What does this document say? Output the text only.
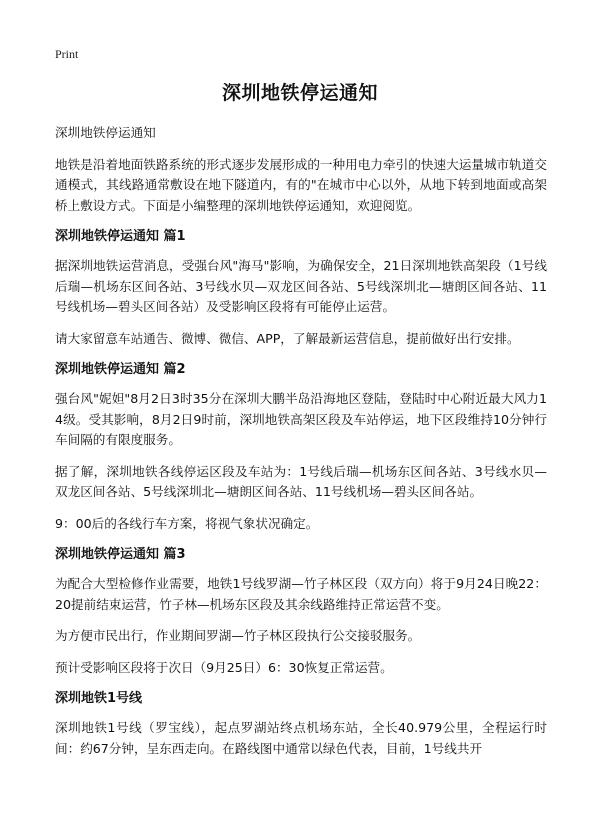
Print
深圳地铁停运通知

深圳地铁停运通知

地铁是沿着地面铁路系统的形式逐步发展形成的一种用电力牵引的快速大运量城市轨道交通模式，其线路通常敷设在地下隧道内，有的"在城市中心以外，从地下转到地面或高架桥上敷设方式。下面是小编整理的深圳地铁停运通知，欢迎阅览。

深圳地铁停运通知 篇1

据深圳地铁运营消息，受强台风"海马"影响，为确保安全，21日深圳地铁高架段（1号线后瑞—机场东区间各站、3号线水贝—双龙区间各站、5号线深圳北—塘朗区间各站、11号线机场—碧头区间各站）及受影响区段将有可能停止运营。

请大家留意车站通告、微博、微信、APP，了解最新运营信息，提前做好出行安排。

深圳地铁停运通知 篇2

强台风"妮妲"8月2日3时35分在深圳大鹏半岛沿海地区登陆，登陆时中心附近最大风力14级。受其影响，8月2日9时前，深圳地铁高架区段及车站停运，地下区段维持10分钟行车间隔的有限度服务。

据了解，深圳地铁各线停运区段及车站为：1号线后瑞—机场东区间各站、3号线水贝—双龙区间各站、5号线深圳北—塘朗区间各站、11号线机场—碧头区间各站。

9：00后的各线行车方案，将视气象状况确定。

深圳地铁停运通知 篇3

为配合大型检修作业需要，地铁1号线罗湖—竹子林区段（双方向）将于9月24日晚22：20提前结束运营，竹子林—机场东区段及其余线路维持正常运营不变。

为方便市民出行，作业期间罗湖—竹子林区段执行公交接驳服务。

预计受影响区段将于次日（9月25日）6：30恢复正常运营。

深圳地铁1号线

深圳地铁1号线（罗宝线），起点罗湖站终点机场东站，全长40.979公里，全程运行时间：约67分钟，呈东西走向。在路线图中通常以绿色代表，目前，1号线共开
